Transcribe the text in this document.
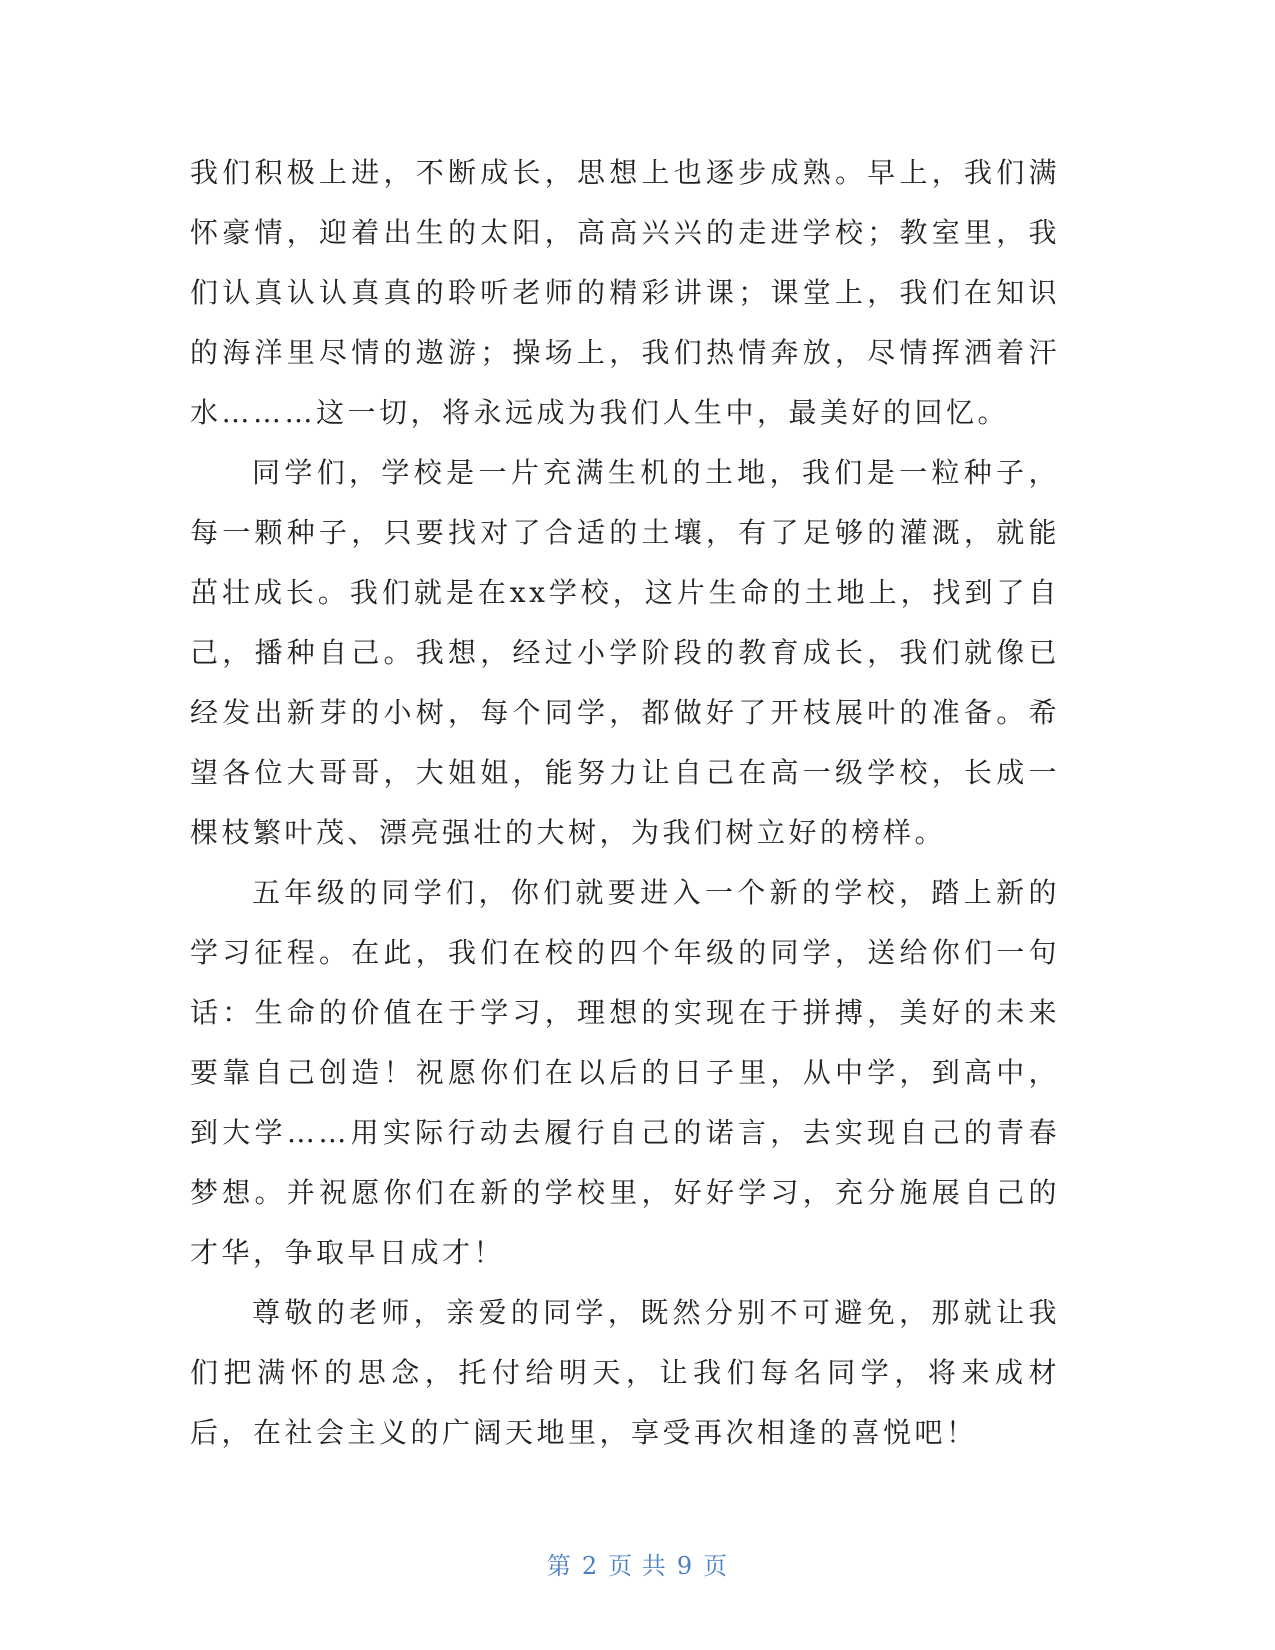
我们积极上进，不断成长，思想上也逐步成熟。早上，我们满怀豪情，迎着出生的太阳，高高兴兴的走进学校；教室里，我们认真认认真真的聆听老师的精彩讲课；课堂上，我们在知识的海洋里尽情的遨游；操场上，我们热情奔放，尽情挥洒着汗水………这一切，将永远成为我们人生中，最美好的回忆。

同学们，学校是一片充满生机的土地，我们是一粒种子，每一颗种子，只要找对了合适的土壤，有了足够的灌溉，就能茁壮成长。我们就是在xx学校，这片生命的土地上，找到了自己，播种自己。我想，经过小学阶段的教育成长，我们就像已经发出新芽的小树，每个同学，都做好了开枝展叶的准备。希望各位大哥哥，大姐姐，能努力让自己在高一级学校，长成一棵枝繁叶茂、漂亮强壮的大树，为我们树立好的榜样。

五年级的同学们，你们就要进入一个新的学校，踏上新的学习征程。在此，我们在校的四个年级的同学，送给你们一句话：生命的价值在于学习，理想的实现在于拼搏，美好的未来要靠自己创造！祝愿你们在以后的日子里，从中学，到高中，到大学……用实际行动去履行自己的诺言，去实现自己的青春梦想。并祝愿你们在新的学校里，好好学习，充分施展自己的才华，争取早日成才！

尊敬的老师，亲爱的同学，既然分别不可避免，那就让我们把满怀的思念，托付给明天，让我们每名同学，将来成材后，在社会主义的广阔天地里，享受再次相逢的喜悦吧！

第 2 页 共 9 页
